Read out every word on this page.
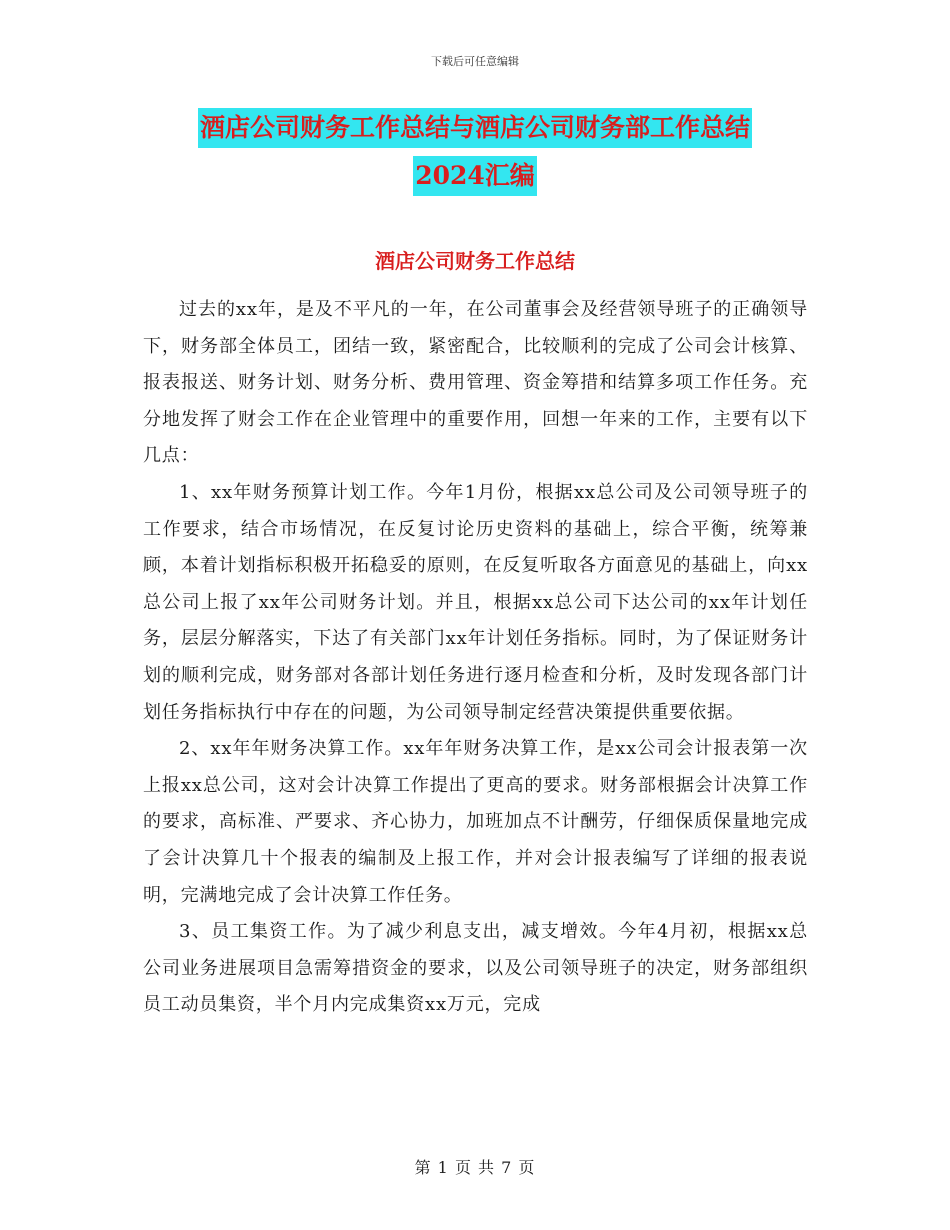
下载后可任意编辑
酒店公司财务工作总结与酒店公司财务部工作总结
2024汇编
酒店公司财务工作总结

过去的xx年，是及不平凡的一年，在公司董事会及经营领导班子的正确领导下，财务部全体员工，团结一致，紧密配合，比较顺利的完成了公司会计核算、报表报送、财务计划、财务分析、费用管理、资金筹措和结算多项工作任务。充分地发挥了财会工作在企业管理中的重要作用，回想一年来的工作，主要有以下几点：

1、xx年财务预算计划工作。今年1月份，根据xx总公司及公司领导班子的工作要求，结合市场情况，在反复讨论历史资料的基础上，综合平衡，统筹兼顾，本着计划指标积极开拓稳妥的原则，在反复听取各方面意见的基础上，向xx总公司上报了xx年公司财务计划。并且，根据xx总公司下达公司的xx年计划任务，层层分解落实，下达了有关部门xx年计划任务指标。同时，为了保证财务计划的顺利完成，财务部对各部计划任务进行逐月检查和分析，及时发现各部门计划任务指标执行中存在的问题，为公司领导制定经营决策提供重要依据。

2、xx年年财务决算工作。xx年年财务决算工作，是xx公司会计报表第一次上报xx总公司，这对会计决算工作提出了更高的要求。财务部根据会计决算工作的要求，高标准、严要求、齐心协力，加班加点不计酬劳，仔细保质保量地完成了会计决算几十个报表的编制及上报工作，并对会计报表编写了详细的报表说明，完满地完成了会计决算工作任务。

3、员工集资工作。为了减少利息支出，减支增效。今年4月初，根据xx总公司业务进展项目急需筹措资金的要求，以及公司领导班子的决定，财务部组织员工动员集资，半个月内完成集资xx万元，完成

第 1 页 共 7 页
